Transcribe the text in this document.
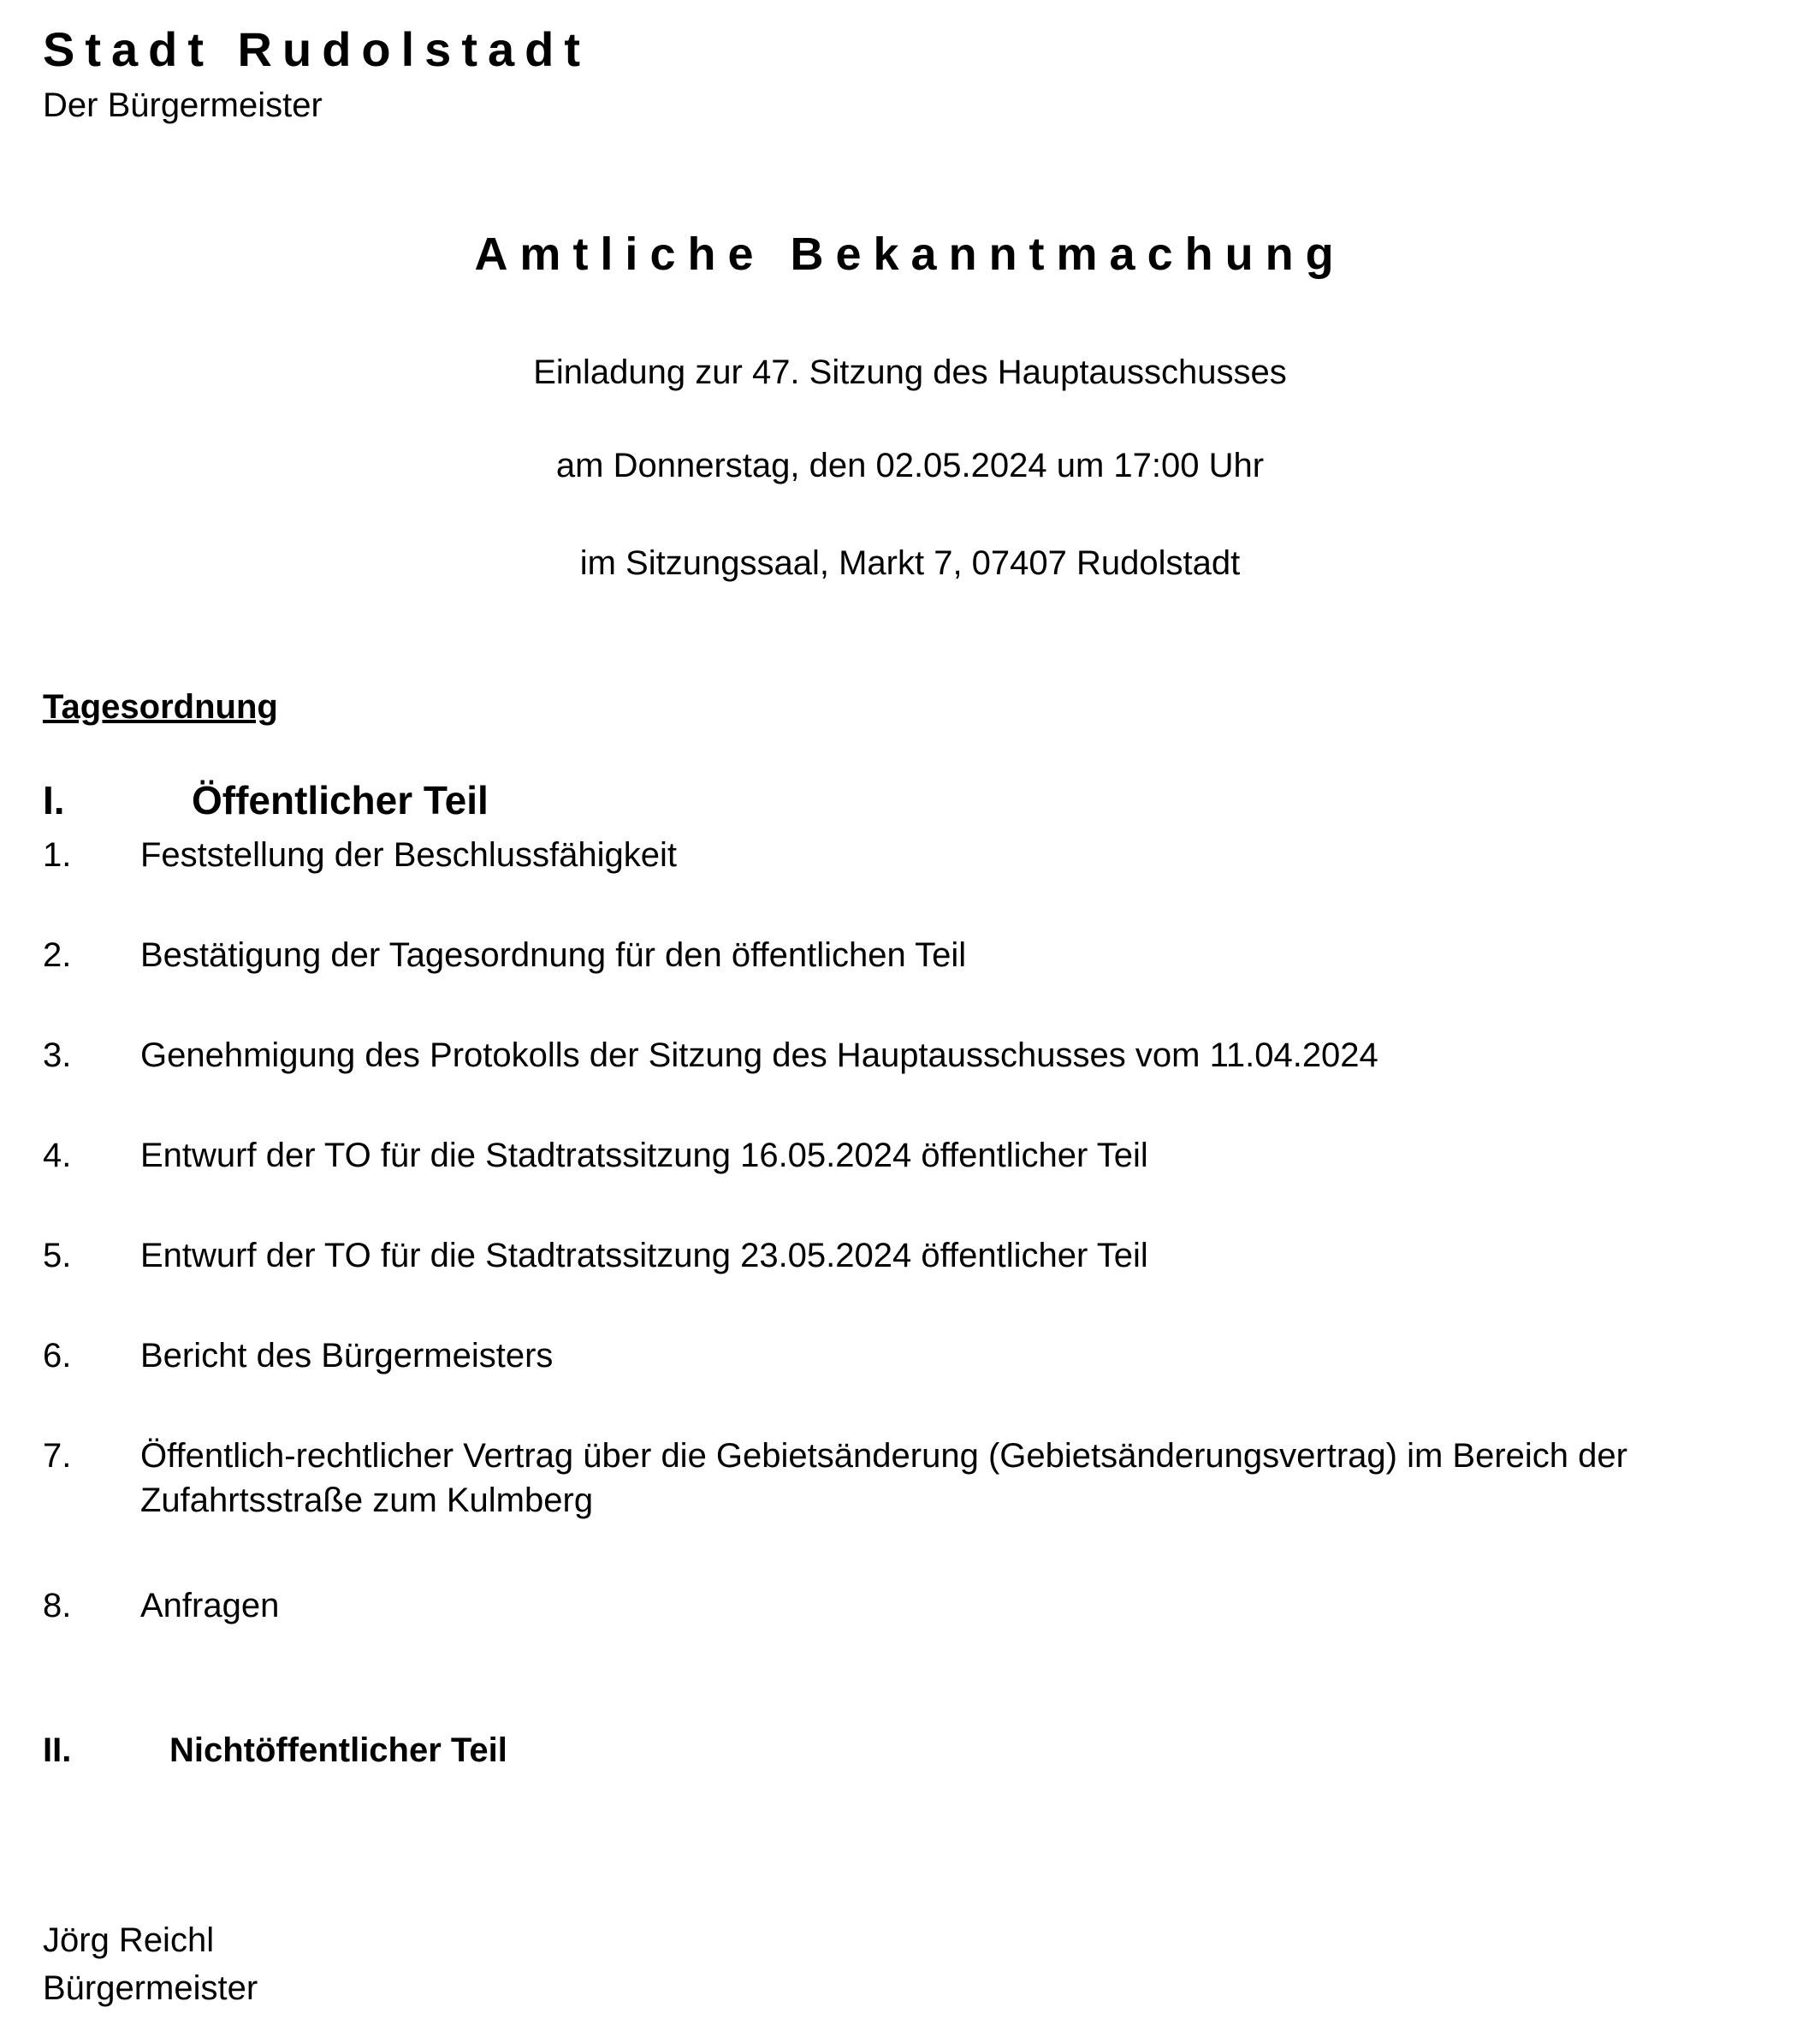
Stadt Rudolstadt
Der Bürgermeister
Amtliche Bekanntmachung
Einladung zur 47. Sitzung des Hauptausschusses
am Donnerstag, den 02.05.2024 um 17:00 Uhr
im Sitzungssaal, Markt 7, 07407 Rudolstadt
Tagesordnung
I.	Öffentlicher Teil
1. Feststellung der Beschlussfähigkeit
2. Bestätigung der Tagesordnung für den öffentlichen Teil
3. Genehmigung des Protokolls der Sitzung des Hauptausschusses vom 11.04.2024
4. Entwurf der TO für die Stadtratssitzung 16.05.2024 öffentlicher Teil
5. Entwurf der TO für die Stadtratssitzung 23.05.2024 öffentlicher Teil
6. Bericht des Bürgermeisters
7. Öffentlich-rechtlicher Vertrag über die Gebietsänderung (Gebietsänderungsvertrag) im Bereich der Zufahrtsstraße zum Kulmberg
8. Anfragen
II.	Nichtöffentlicher Teil
Jörg Reichl
Bürgermeister
